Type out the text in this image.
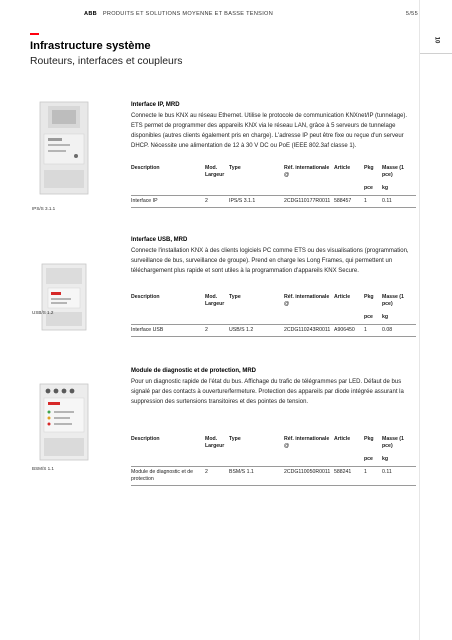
ABB PRODUITS ET SOLUTIONS MOYENNE ET BASSE TENSION	5/55
10
Infrastructure système
Routeurs, interfaces et coupleurs
IPS/S 3.1.1
Interface IP, MRD
Connecte le bus KNX au réseau Ethernet. Utilise le protocole de communication KNXnet/IP (tunnelage). ETS permet de programmer des appareils KNX via le réseau LAN, grâce à 5 serveurs de tunnelage disponibles (autres clients également pris en charge). L'adresse IP peut être fixe ou reçue d'un serveur DHCP. Nécessite une alimentation de 12 à 30 V DC ou PoE (IEEE 802.3af classe 1).
Description	Mod. Largeur	Type	Réf. internationale @	Article	Pkg	Masse (1 pce)
					pce	kg
Interface IP	2	IPS/S 3.1.1	2CDG110177R0011	588457	1	0.11
USB/S 1.2
Interface USB, MRD
Connecte l'installation KNX à des clients logiciels PC comme ETS ou des visualisations (programmation, surveillance de bus, surveillance de groupe). Prend en charge les Long Frames, qui permettent un téléchargement plus rapide et sont utiles à la programmation d'appareils KNX Secure.
Description	Mod. Largeur	Type	Réf. internationale @	Article	Pkg	Masse (1 pce)
					pce	kg
Interface USB	2	USB/S 1.2	2CDG110243R0011	A906450	1	0.08
BSM/S 1.1
Module de diagnostic et de protection, MRD
Pour un diagnostic rapide de l'état du bus. Affichage du trafic de télégrammes par LED. Défaut de bus signalé par des contacts à ouverture/fermeture. Protection des appareils par diode intégrée assurant la suppression des surtensions transitoires et des pointes de tension.
Description	Mod. Largeur	Type	Réf. internationale @	Article	Pkg	Masse (1 pce)
					pce	kg
Module de diagnostic et de protection	2	BSM/S 1.1	2CDG110050R0011	588241	1	0.11
